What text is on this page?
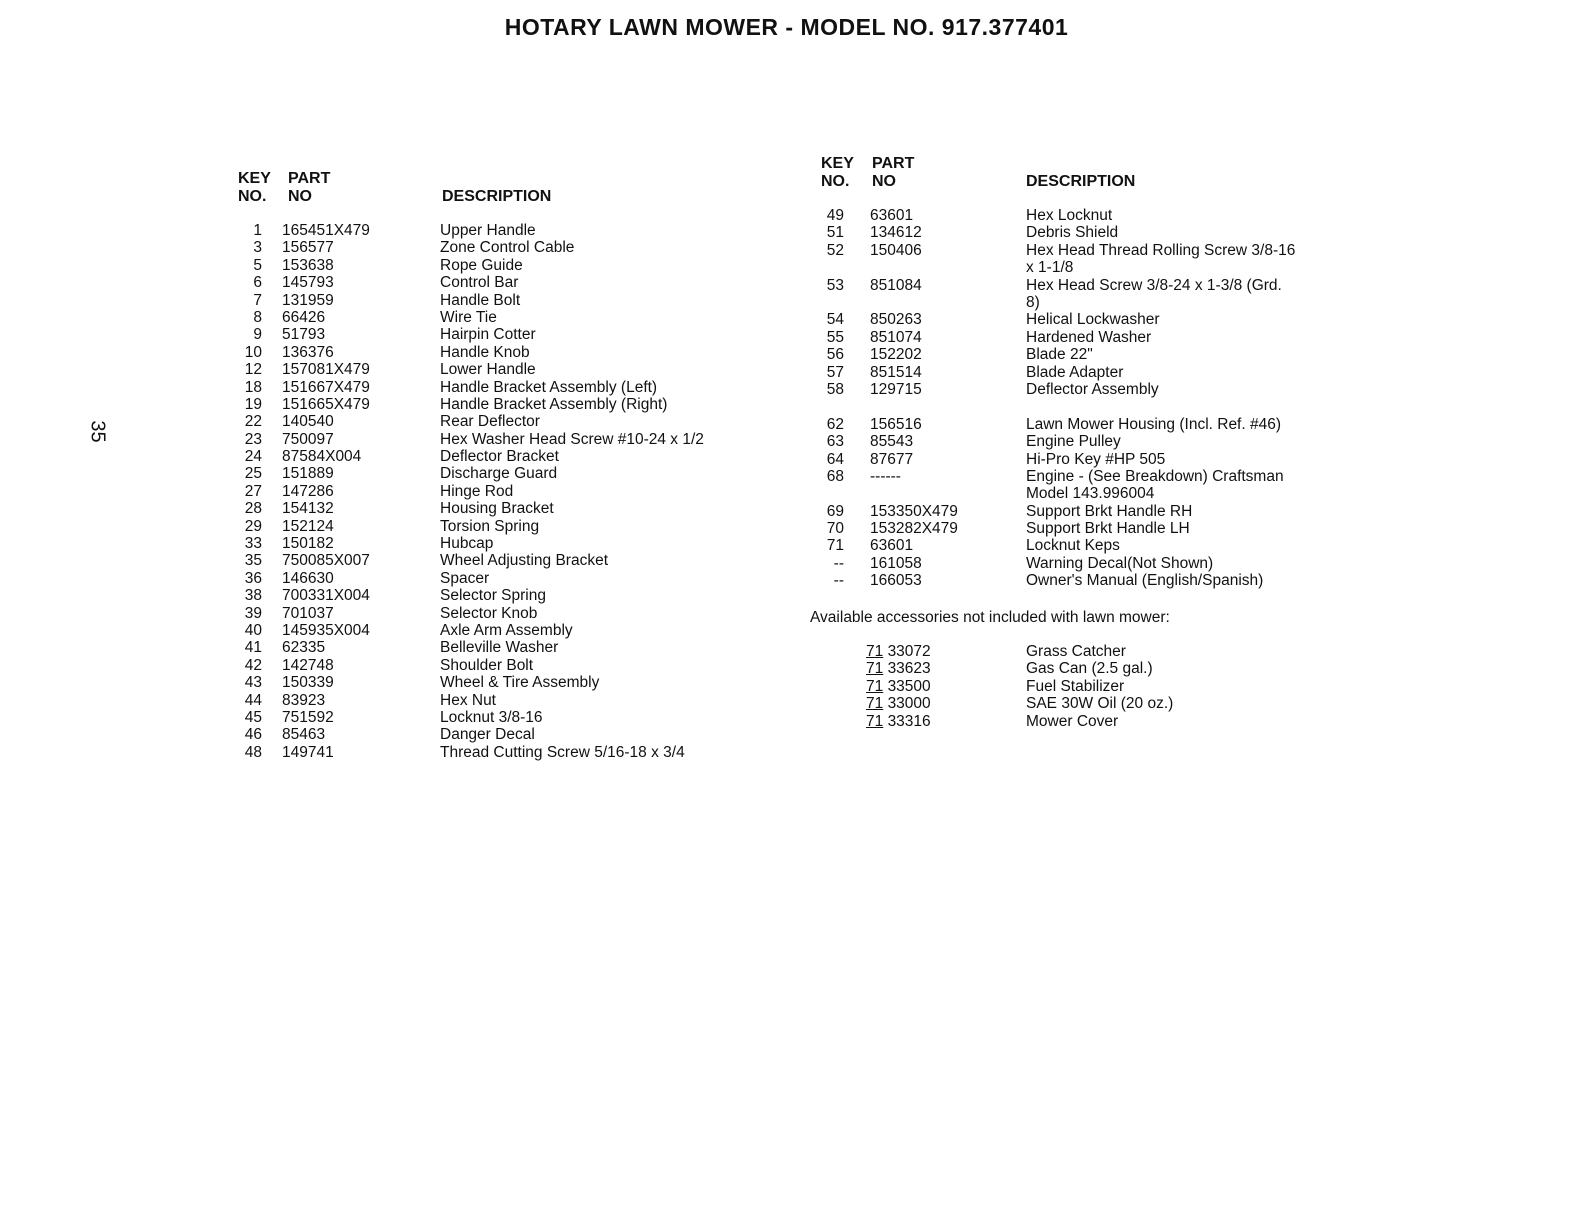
HOTARY LAWN MOWER - MODEL NO. 917.377401
35
KEY
NO.
PART
NO	DESCRIPTION
KEY
NO.
PART
NO	DESCRIPTION
1 165451X479	Upper Handle
3 156577	Zone Control Cable
5 153638	Rope Guide
6 145793	Control Bar
7 131959	Handle Bolt
8 66426	Wire Tie
9 51793	Hairpin Cotter
10 136376	Handle Knob
12 157081X479	Lower Handle
18 151667X479	Handle Bracket Assembly (Left)
19 151665X479	Handle Bracket Assembly (Right)
22 140540	Rear Deflector
23 750097	Hex Washer Head Screw #10-24 x 1/2
24 87584X004	Deflector Bracket
25 151889	Discharge Guard
27 147286	Hinge Rod
28 154132	Housing Bracket
29 152124	Torsion Spring
33 150182	Hubcap
35 750085X007	Wheel Adjusting Bracket
36 146630	Spacer
38 700331X004	Selector Spring
39 701037	Selector Knob
40 145935X004	Axle Arm Assembly
41 62335	Belleville Washer
42 142748	Shoulder Bolt
43 150339	Wheel & Tire Assembly
44 83923	Hex Nut
45 751592	Locknut 3/8-16
46 85463	Danger Decal
48 149741	Thread Cutting Screw 5/16-18 x 3/4
49 63601	Hex Locknut
51 134612	Debris Shield
52 150406	Hex Head Thread Rolling Screw 3/8-16
x 1-1/8
53 851084	Hex Head Screw 3/8-24 x 1-3/8 (Grd.
8)
54 850263	Helical Lockwasher
55 851074	Hardened Washer
56 152202	Blade 22"
57 851514	Blade Adapter
58 129715	Deflector Assembly
62 156516	Lawn Mower Housing (Incl. Ref. #46)
63 85543	Engine Pulley
64 87677	Hi-Pro Key #HP 505
68 ------	Engine - (See Breakdown) Craftsman
Model 143.996004
69 153350X479	Support Brkt Handle RH
70 153282X479	Support Brkt Handle LH
71 63601	Locknut Keps
-- 161058	Warning Decal(Not Shown)
-- 166053	Owner's Manual (English/Spanish)
Available accessories not included with lawn mower:
71 33072	Grass Catcher
71 33623	Gas Can (2.5 gal.)
71 33500	Fuel Stabilizer
71 33000	SAE 30W Oil (20 oz.)
71 33316	Mower Cover
